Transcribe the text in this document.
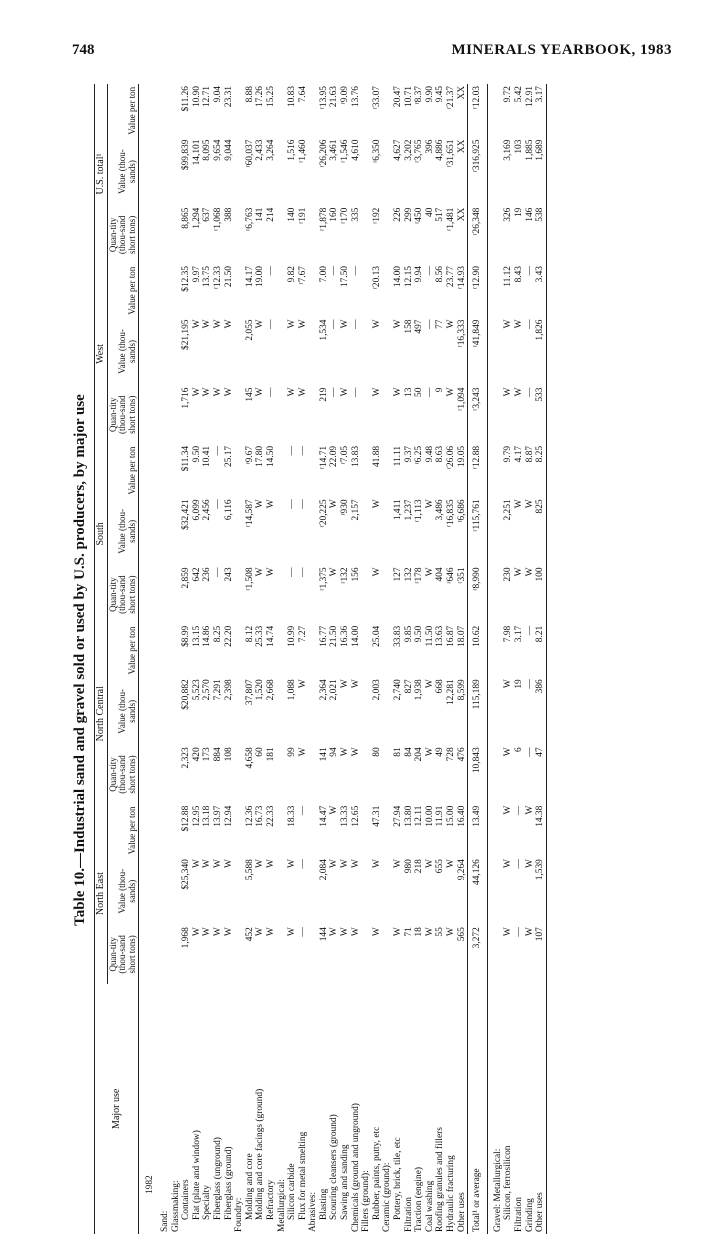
748	MINERALS YEARBOOK, 1983
Table 10.—Industrial sand and gravel sold or used by U.S. producers, by major use
Major use	North East			North Central			South			West			U.S. total¹		
	Quan-tity (thou-sand short tons)	Value (thou-sands)	Value per ton	Quan-tity (thou-sand short tons)	Value (thou-sands)	Value per ton	Quan-tity (thou-sand short tons)	Value (thou-sands)	Value per ton	Quan-tity (thou-sand short tons)	Value (thou-sands)	Value per ton	Quan-tity (thou-sand short tons)	Value (thou-sands)	Value per ton
1982															
Sand:															
Glassmaking:															
Containers	1,968	$25,340	$12.88	2,323	$20,882	$8.99	2,859	$32,421	$11.34	1,716	$21,195	$12.35	8,865	$99,839	$11.26
Flat (plate and window)	W	W	12.95	420	5,523	13.15	642	6,099	9.50	W	W	9.97	1,294	14,101	10.90
Specialty	W	W	13.18	173	2,570	14.86	236	2,456	10.41	W	W	13.75	637	8,095	12.71
Fiberglass (unground)	W	W	13.97	884	7,291	8.25	—	—	—	W	W	ʳ12.33	ʳ1,068	9,654	9.04
Fiberglass (ground)	W	W	12.94	108	2,398	22.20	243	6,116	25.17	W	W	21.50	388	9,044	23.31
Foundry:															
Molding and core	452	5,588	12.36	4,658	37,807	8.12	ʳ1,508	ʳ14,587	ʳ9.67	145	2,055	14.17	ʳ6,763	ʳ60,037	8.88
Molding and core facings (ground)	W	W	16.73	60	1,520	25.33	W	W	17.80	W	W	19.00	141	2,433	17.26
Refractory	W	W	22.33	181	2,668	14.74	W	W	14.50	—	—	—	214	3,264	15.25
Metallurgical:															
Silicon carbide	W	W	18.33	99	1,088	10.99	—	—	—	W	W	9.82	140	1,516	10.83
Flux for metal smelting	—	—	—	W	W	7.27	—	—	—	W	W	ʳ7.67	ʳ191	ʳ1,460	7.64
Abrasives:															
Blasting	144	2,084	14.47	141	2,364	16.77	ʳ1,375	ʳ20,225	ʳ14.71	219	1,534	7.00	ʳ1,878	ʳ26,206	ʳ13.95
Scouring cleansers (ground)	W	W	W	94	2,021	21.50	W	W	22.09	—	—	—	160	3,461	21.63
Sawing and sanding	W	W	13.33	W	W	16.36	ʳ132	ʳ930	ʳ7.05	W	W	17.50	ʳ170	ʳ1,546	ʳ9.09
Chemicals (ground and unground)	W	W	12.65	W	W	14.00	156	2,157	13.83	—	—	—	335	4,610	13.76
Fillers (ground):															
Rubber, paints, putty, etc	W	W	47.31	80	2,003	25.04	W	W	41.88	W	W	ʳ20.13	ʳ192	ʳ6,350	ʳ33.07
Ceramic (ground):															
Pottery, brick, tile, etc	W	W	27.94	81	2,740	33.83	127	1,411	11.11	W	W	14.00	226	4,627	20.47
Filtration	71	980	13.80	84	827	9.85	132	1,237	9.37	13	158	12.15	299	3,202	10.71
Traction (engine)	18	218	12.11	204	1,938	9.50	ʳ178	ʳ1,113	ʳ6.25	50	497	9.94	ʳ450	ʳ3,765	ʳ8.37
Coal washing	W	W	10.00	W	W	11.50	W	W	9.48	—	—	—	40	396	9.90
Roofing granules and fillers	55	655	11.91	49	668	13.63	404	3,486	8.63	9	77	8.56	517	4,886	9.45
Hydraulic fracturing	W	W	15.00	728	12,281	16.87	ʳ646	ʳ16,835	ʳ26.06	W	W	23.77	ʳ1,481	ʳ31,651	ʳ21.37
Other uses	565	9,264	16.40	476	8,599	18.07	ʳ351	ʳ6,686	19.05	ʳ1,094	ʳ16,333	ʳ14.93	XX	XX	XX
Total¹ or average	3,272	44,126	13.49	10,843	115,189	10.62	ʳ8,990	ʳ115,761	ʳ12.88	ʳ3,243	ʳ41,849	ʳ12.90	ʳ26,348	ʳ316,925	ʳ12.03

Gravel: Metallurgical:															
Silicon, ferrosilicon	W	W	W	W	W	7.98	230	2,251	9.79	W	W	11.12	326	3,169	9.72
Filtration	—	—	—	6	19	3.17	W	W	4.17	W	W	8.43	19	103	5.42
Grinding	W	W	W	—	—	—	W	W	8.87	—	—	—	146	1,885	12.91
Other uses	107	1,539	14.38	47	386	8.21	100	825	8.25	533	1,826	3.43	538	1,689	3.17
